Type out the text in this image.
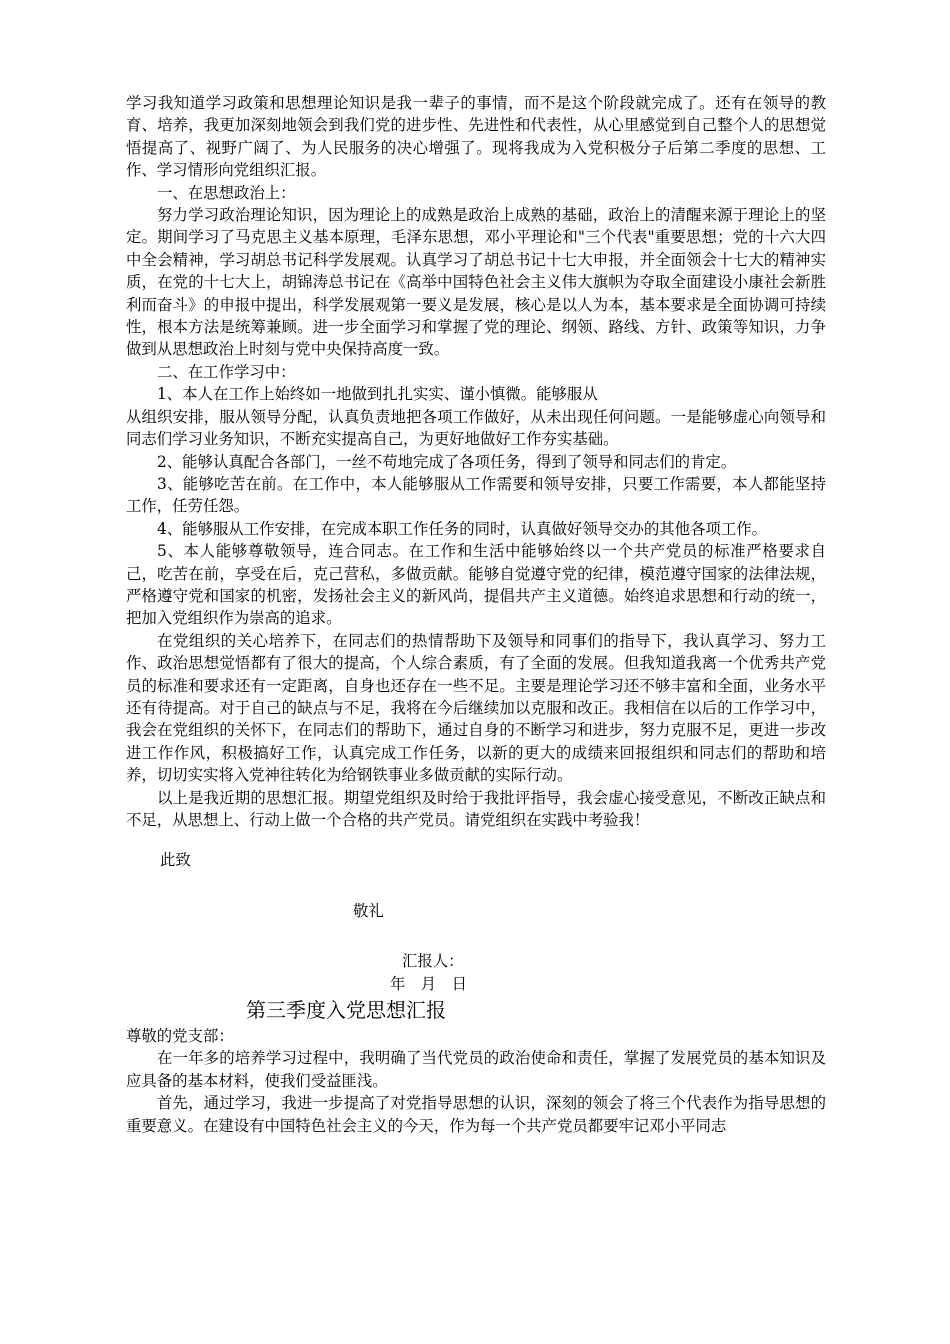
学习我知道学习政策和思想理论知识是我一辈子的事情，而不是这个阶段就完成了。还有在领导的教育、培养，我更加深刻地领会到我们党的进步性、先进性和代表性，从心里感觉到自己整个人的思想觉悟提高了、视野广阔了、为人民服务的决心增强了。现将我成为入党积极分子后第二季度的思想、工作、学习情形向党组织汇报。

一、在思想政治上：

努力学习政治理论知识，因为理论上的成熟是政治上成熟的基础，政治上的清醒来源于理论上的坚定。期间学习了马克思主义基本原理，毛泽东思想，邓小平理论和"三个代表"重要思想；党的十六大四中全会精神，学习胡总书记科学发展观。认真学习了胡总书记十七大申报，并全面领会十七大的精神实质，在党的十七大上，胡锦涛总书记在《高举中国特色社会主义伟大旗帜为夺取全面建设小康社会新胜利而奋斗》的申报中提出，科学发展观第一要义是发展，核心是以人为本，基本要求是全面协调可持续性，根本方法是统筹兼顾。进一步全面学习和掌握了党的理论、纲领、路线、方针、政策等知识，力争做到从思想政治上时刻与党中央保持高度一致。

二、在工作学习中：

1、本人在工作上始终如一地做到扎扎实实、谨小慎微。能够服从

从组织安排，服从领导分配，认真负责地把各项工作做好，从未出现任何问题。一是能够虚心向领导和同志们学习业务知识，不断充实提高自己，为更好地做好工作夯实基础。

2、能够认真配合各部门，一丝不苟地完成了各项任务，得到了领导和同志们的肯定。

3、能够吃苦在前。在工作中，本人能够服从工作需要和领导安排，只要工作需要，本人都能坚持工作，任劳任怨。

4、能够服从工作安排，在完成本职工作任务的同时，认真做好领导交办的其他各项工作。

5、本人能够尊敬领导，连合同志。在工作和生活中能够始终以一个共产党员的标准严格要求自己，吃苦在前，享受在后，克己营私，多做贡献。能够自觉遵守党的纪律，模范遵守国家的法律法规，严格遵守党和国家的机密，发扬社会主义的新风尚，提倡共产主义道德。始终追求思想和行动的统一，把加入党组织作为崇高的追求。

在党组织的关心培养下，在同志们的热情帮助下及领导和同事们的指导下，我认真学习、努力工作、政治思想觉悟都有了很大的提高，个人综合素质，有了全面的发展。但我知道我离一个优秀共产党员的标准和要求还有一定距离，自身也还存在一些不足。主要是理论学习还不够丰富和全面，业务水平还有待提高。对于自己的缺点与不足，我将在今后继续加以克服和改正。我相信在以后的工作学习中，我会在党组织的关怀下，在同志们的帮助下，通过自身的不断学习和进步，努力克服不足，更进一步改进工作作风，积极搞好工作，认真完成工作任务，以新的更大的成绩来回报组织和同志们的帮助和培养，切切实实将入党神往转化为给钢铁事业多做贡献的实际行动。

以上是我近期的思想汇报。期望党组织及时给于我批评指导，我会虚心接受意见，不断改正缺点和不足，从思想上、行动上做一个合格的共产党员。请党组织在实践中考验我！

此致

敬礼

汇报人：

年　月　日

第三季度入党思想汇报

尊敬的党支部：

在一年多的培养学习过程中，我明确了当代党员的政治使命和责任，掌握了发展党员的基本知识及应具备的基本材料，使我们受益匪浅。

首先，通过学习，我进一步提高了对党指导思想的认识，深刻的领会了将三个代表作为指导思想的重要意义。在建设有中国特色社会主义的今天，作为每一个共产党员都要牢记邓小平同志
